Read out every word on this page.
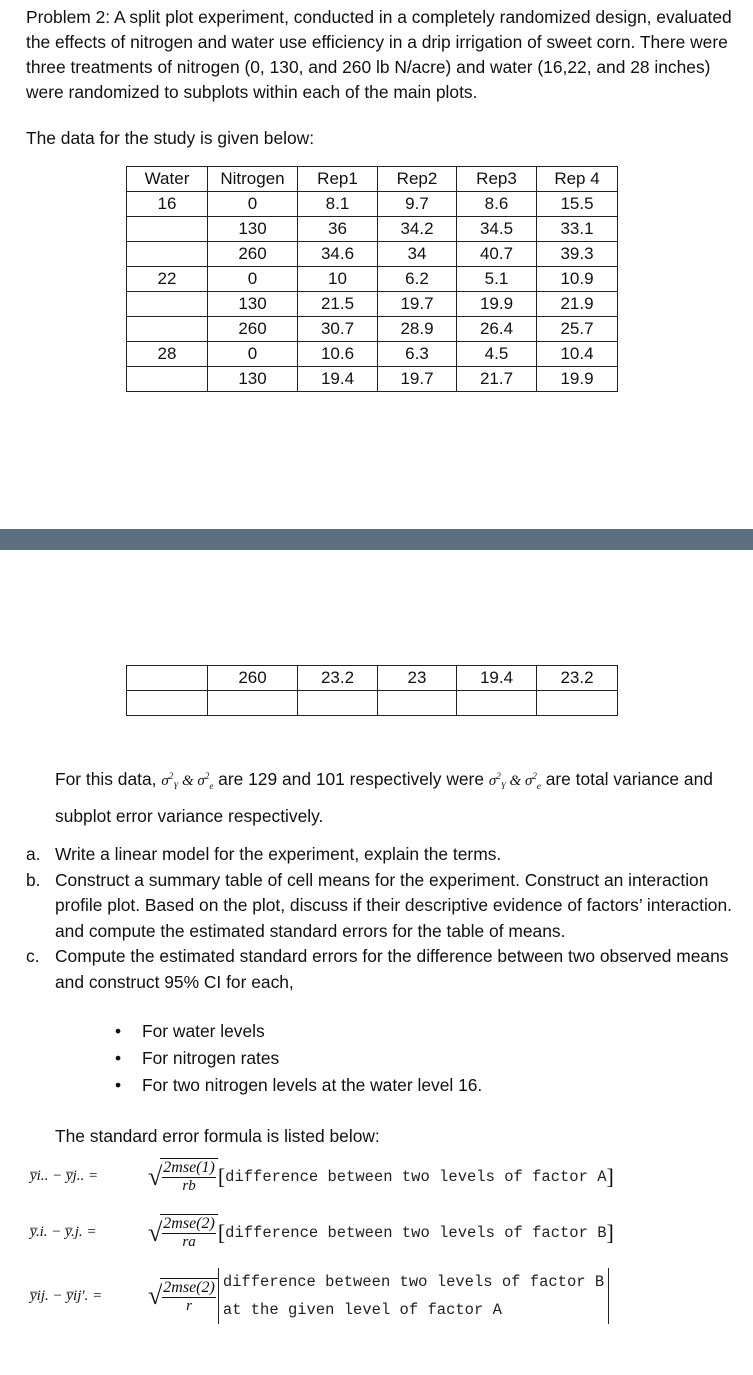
Problem 2: A split plot experiment, conducted in a completely randomized design, evaluated the effects of nitrogen and water use efficiency in a drip irrigation of sweet corn. There were three treatments of nitrogen (0, 130, and 260 lb N/acre) and water (16,22, and 28 inches) were randomized to subplots within each of the main plots.
The data for the study is given below:
Water	Nitrogen	Rep1	Rep2	Rep3	Rep 4
16	0	8.1	9.7	8.6	15.5
	130	36	34.2	34.5	33.1
	260	34.6	34	40.7	39.3
22	0	10	6.2	5.1	10.9
	130	21.5	19.7	19.9	21.9
	260	30.7	28.9	26.4	25.7
28	0	10.6	6.3	4.5	10.4
	130	19.4	19.7	21.7	19.9
	260	23.2	23	19.4	23.2

For this data, $\sigma^2_Y$ & $\sigma^2_e$ are 129 and 101 respectively were $\sigma^2_Y$ & $\sigma^2_e$ are total variance and subplot error variance respectively.
a. Write a linear model for the experiment, explain the terms.
b. Construct a summary table of cell means for the experiment. Construct an interaction profile plot. Based on the plot, discuss if their descriptive evidence of factors’ interaction. and compute the estimated standard errors for the table of means.
c. Compute the estimated standard errors for the difference between two observed means and construct 95% CI for each,
• For water levels
• For nitrogen rates
• For two nitrogen levels at the water level 16.
The standard error formula is listed below:
y̅i.. − y̅j.. =	√
$\frac{\text{2mse(1)}}{rb}$ [ difference between two levels of factor A ]
y̅.i. − y̅.j. =	√
$\frac{\text{2mse(2)}}{ra}$ [ difference between two levels of factor B ]
y̅ij. − y̅ij'. =	√
$\frac{\text{2mse(2)}}{r}$ difference between two levels of factor B
at the given level of factor A
